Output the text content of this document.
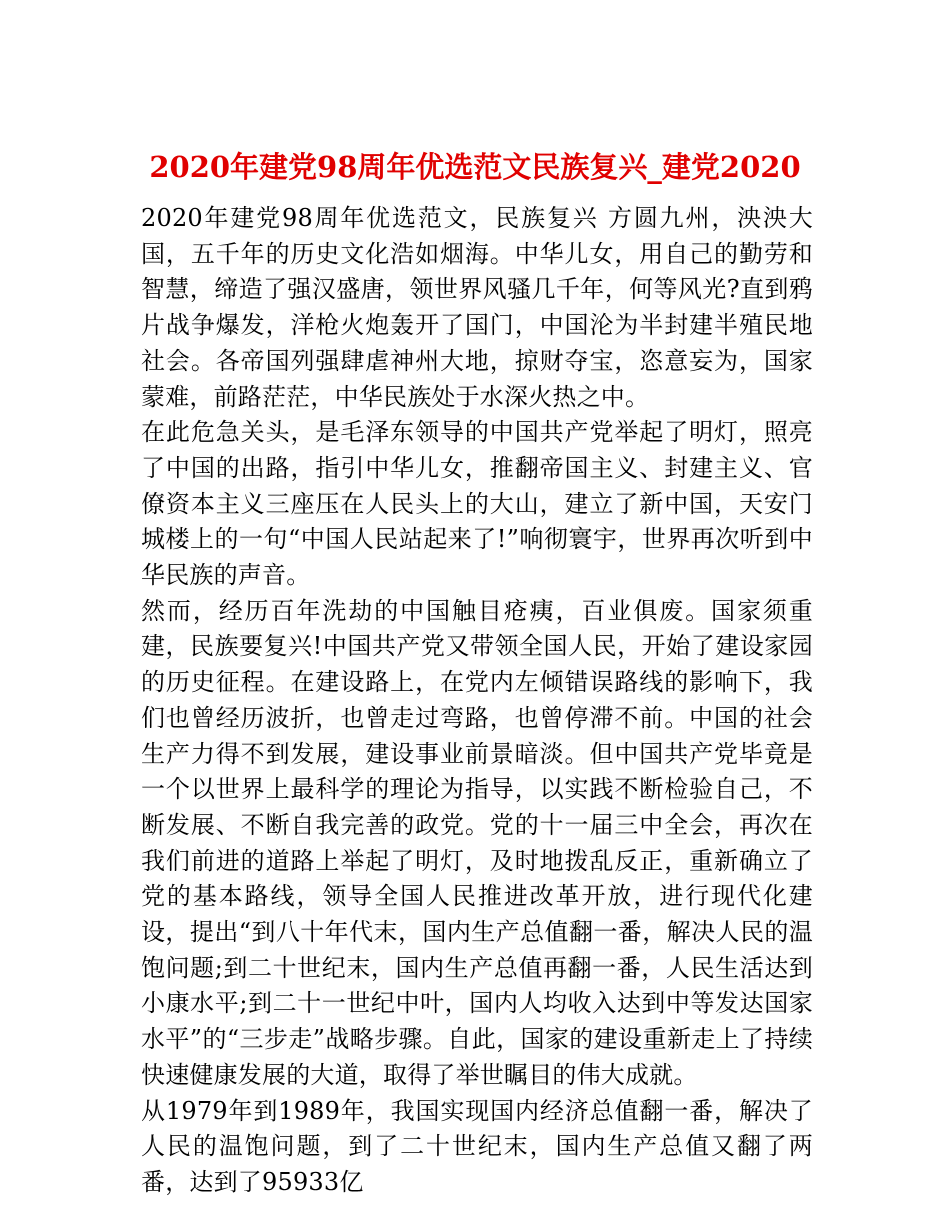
2020年建党98周年优选范文民族复兴_建党2020

2020年建党98周年优选范文，民族复兴 方圆九州，泱泱大国，五千年的历史文化浩如烟海。中华儿女，用自己的勤劳和智慧，缔造了强汉盛唐，领世界风骚几千年，何等风光?直到鸦片战争爆发，洋枪火炮轰开了国门，中国沦为半封建半殖民地社会。各帝国列强肆虐神州大地，掠财夺宝，恣意妄为，国家蒙难，前路茫茫，中华民族处于水深火热之中。

在此危急关头，是毛泽东领导的中国共产党举起了明灯，照亮了中国的出路，指引中华儿女，推翻帝国主义、封建主义、官僚资本主义三座压在人民头上的大山，建立了新中国，天安门城楼上的一句“中国人民站起来了!”响彻寰宇，世界再次听到中华民族的声音。

然而，经历百年洗劫的中国触目疮痍，百业俱废。国家须重建，民族要复兴!中国共产党又带领全国人民，开始了建设家园的历史征程。在建设路上，在党内左倾错误路线的影响下，我们也曾经历波折，也曾走过弯路，也曾停滞不前。中国的社会生产力得不到发展，建设事业前景暗淡。但中国共产党毕竟是一个以世界上最科学的理论为指导，以实践不断检验自己，不断发展、不断自我完善的政党。党的十一届三中全会，再次在我们前进的道路上举起了明灯，及时地拨乱反正，重新确立了党的基本路线，领导全国人民推进改革开放，进行现代化建设，提出“到八十年代末，国内生产总值翻一番，解决人民的温饱问题;到二十世纪末，国内生产总值再翻一番，人民生活达到小康水平;到二十一世纪中叶，国内人均收入达到中等发达国家水平”的“三步走”战略步骤。自此，国家的建设重新走上了持续快速健康发展的大道，取得了举世瞩目的伟大成就。

从1979年到1989年，我国实现国内经济总值翻一番，解决了人民的温饱问题，到了二十世纪末，国内生产总值又翻了两番，达到了95933亿
